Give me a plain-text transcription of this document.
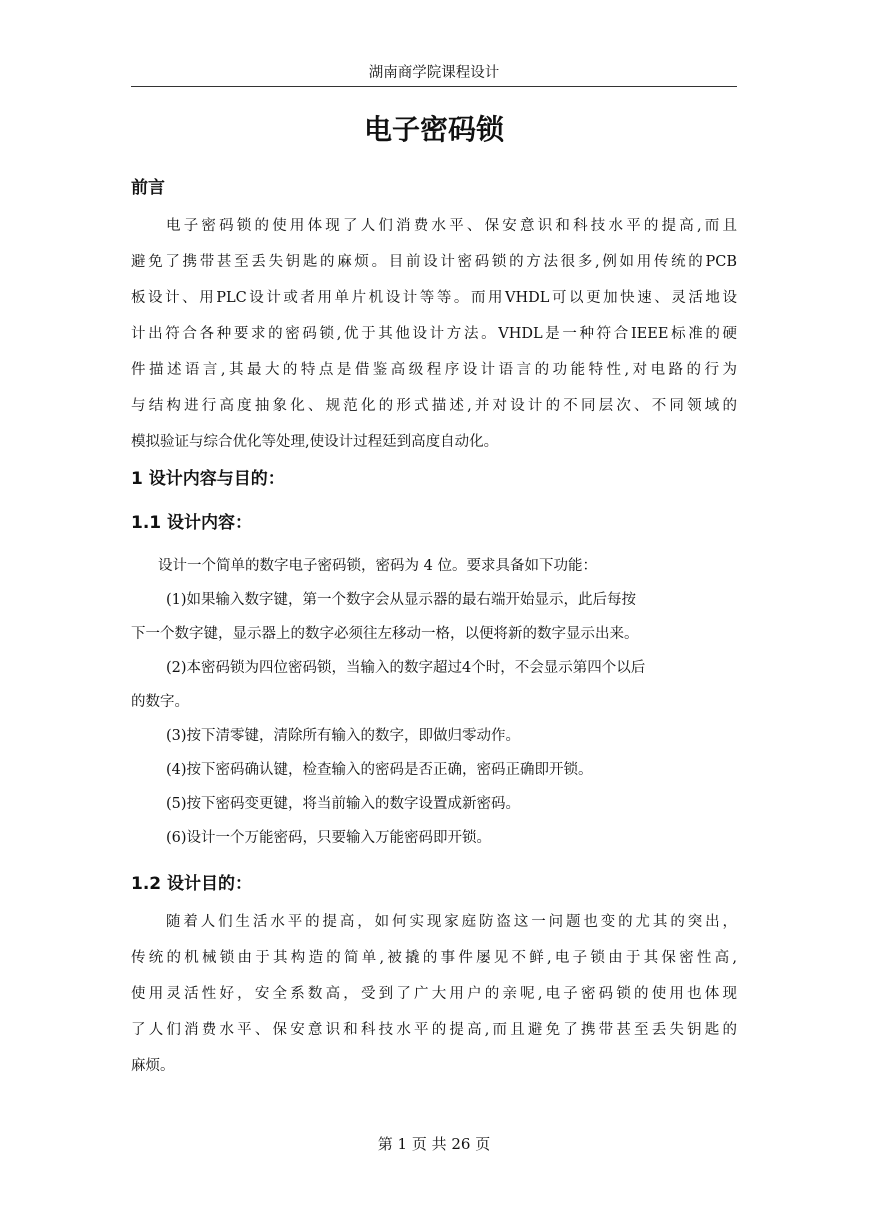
湖南商学院课程设计
电子密码锁
前言
电子密码锁的使用体现了人们消费水平、保安意识和科技水平的提高,而且
避免了携带甚至丢失钥匙的麻烦。目前设计密码锁的方法很多,例如用传统的PCB
板设计、用PLC设计或者用单片机设计等等。而用VHDL可以更加快速、灵活地设
计出符合各种要求的密码锁,优于其他设计方法。VHDL是一种符合IEEE标准的硬
件描述语言,其最大的特点是借鉴高级程序设计语言的功能特性,对电路的行为
与结构进行高度抽象化、规范化的形式描述,并对设计的不同层次、不同领域的
模拟验证与综合优化等处理,使设计过程廷到高度自动化。
1 设计内容与目的：
1.1 设计内容：
设计一个简单的数字电子密码锁，密码为 4 位。要求具备如下功能：
(1)如果输入数字键，第一个数字会从显示器的最右端开始显示，此后每按
下一个数字键，显示器上的数字必须往左移动一格，以便将新的数字显示出来。
(2)本密码锁为四位密码锁，当输入的数字超过4个时，不会显示第四个以后
的数字。
(3)按下清零键，清除所有输入的数字，即做归零动作。
(4)按下密码确认键，检查输入的密码是否正确，密码正确即开锁。
(5)按下密码变更键，将当前输入的数字设置成新密码。
(6)设计一个万能密码，只要输入万能密码即开锁。
1.2 设计目的：
随着人们生活水平的提高，如何实现家庭防盗这一问题也变的尤其的突出，
传统的机械锁由于其构造的简单,被撬的事件屡见不鲜,电子锁由于其保密性高,
使用灵活性好，安全系数高，受到了广大用户的亲呢,电子密码锁的使用也体现
了人们消费水平、保安意识和科技水平的提高,而且避免了携带甚至丢失钥匙的
麻烦。
第 1 页 共 26 页
